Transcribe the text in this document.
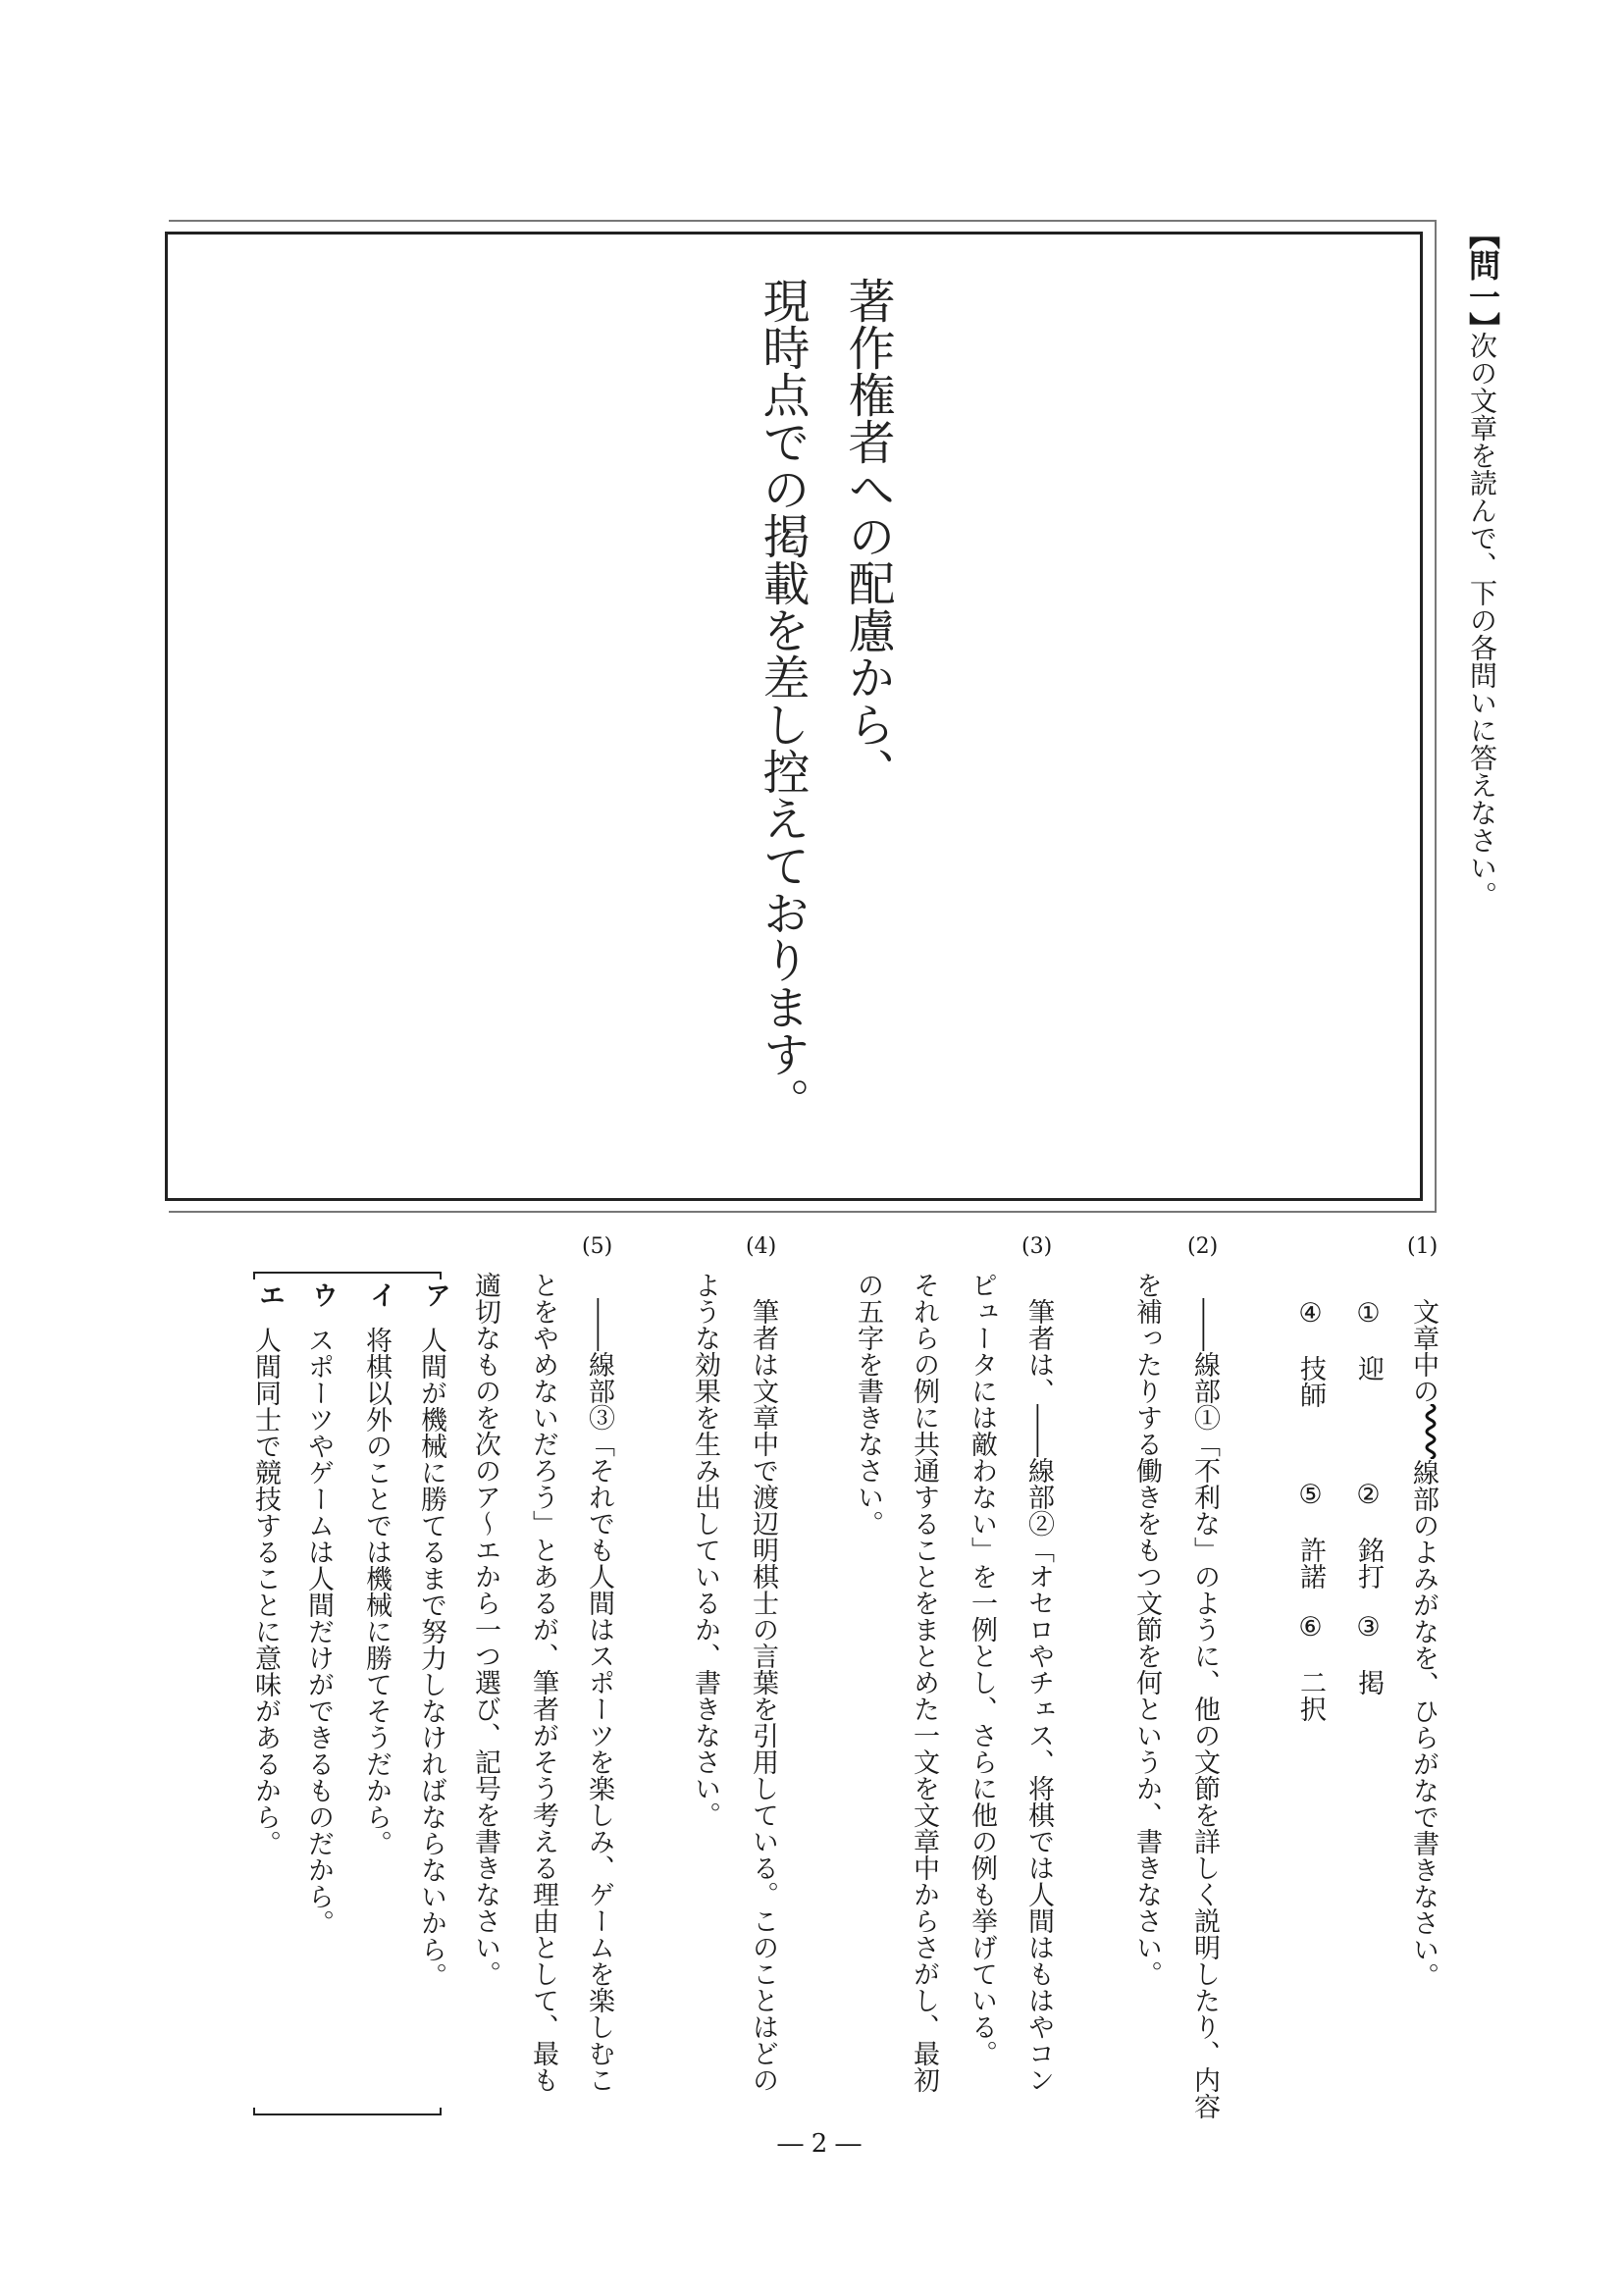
【問一】
次の文章を読んで、下の各問いに答えなさい。
著作権者への配慮から、
現時点での掲載を差し控えております。
(1)
文章中の線部のよみがなを、ひらがなで書きなさい。
①　迎
②　銘打
③　掲
④　技師
⑤　許諾
⑥　二択
(2)
――線部①「不利な」のように、他の文節を詳しく説明したり、内容
を補ったりする働きをもつ文節を何というか、書きなさい。
(3)
筆者は、――線部②「オセロやチェス、将棋では人間はもはやコン
ピュータには敵わない」を一例とし、さらに他の例も挙げている。
それらの例に共通することをまとめた一文を文章中からさがし、最初
の五字を書きなさい。
(4)
筆者は文章中で渡辺明棋士の言葉を引用している。このことはどの
ような効果を生み出しているか、書きなさい。
(5)
――線部③「それでも人間はスポーツを楽しみ、ゲームを楽しむこ
とをやめないだろう」とあるが、筆者がそう考える理由として、最も
適切なものを次のア～エから一つ選び、記号を書きなさい。
ア
人間が機械に勝てるまで努力しなければならないから。
イ
将棋以外のことでは機械に勝てそうだから。
ウ
スポーツやゲームは人間だけができるものだから。
エ
人間同士で競技することに意味があるから。
― 2 ―
